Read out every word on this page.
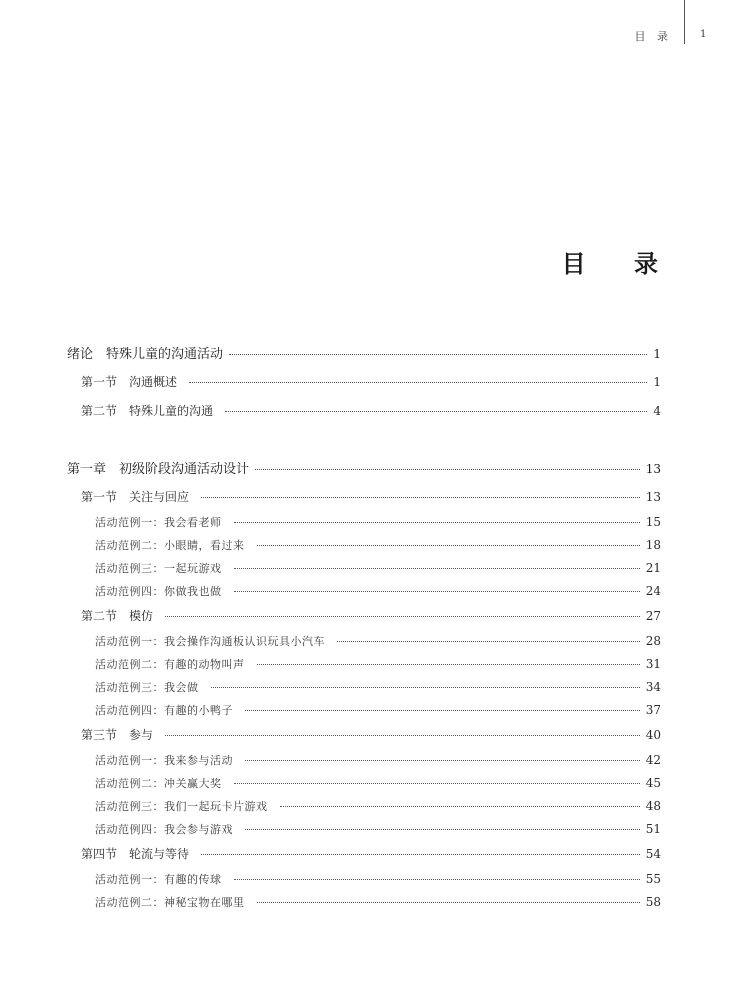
目 录	1
目 录
绪论　特殊儿童的沟通活动	1
第一节　沟通概述	1
第二节　特殊儿童的沟通	4
第一章　初级阶段沟通活动设计	13
第一节　关注与回应	13
活动范例一：我会看老师	15
活动范例二：小眼睛，看过来	18
活动范例三：一起玩游戏	21
活动范例四：你做我也做	24
第二节　模仿	27
活动范例一：我会操作沟通板认识玩具小汽车	28
活动范例二：有趣的动物叫声	31
活动范例三：我会做	34
活动范例四：有趣的小鸭子	37
第三节　参与	40
活动范例一：我来参与活动	42
活动范例二：冲关赢大奖	45
活动范例三：我们一起玩卡片游戏	48
活动范例四：我会参与游戏	51
第四节　轮流与等待	54
活动范例一：有趣的传球	55
活动范例二：神秘宝物在哪里	58
